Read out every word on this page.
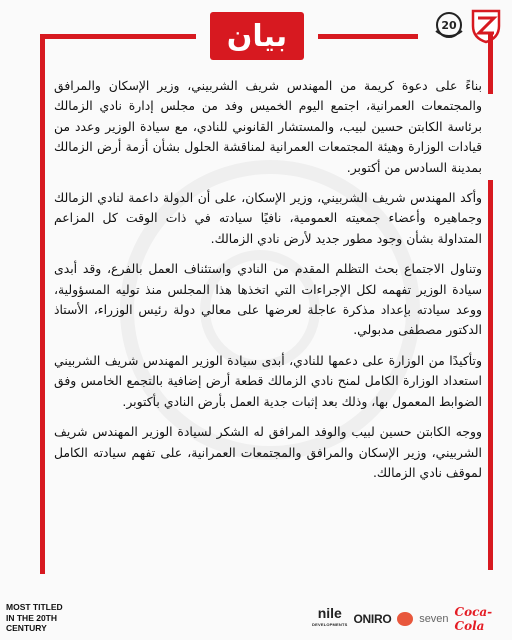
بيان	20

بناءً على دعوة كريمة من المهندس شريف الشربيني، وزير الإسكان والمرافق والمجتمعات العمرانية، اجتمع اليوم الخميس وفد من مجلس إدارة نادي الزمالك برئاسة الكابتن حسين لبيب، والمستشار القانوني للنادي، مع سيادة الوزير وعدد من قيادات الوزارة وهيئة المجتمعات العمرانية لمناقشة الحلول بشأن أزمة أرض الزمالك بمدينة السادس من أكتوبر.

وأكد المهندس شريف الشربيني، وزير الإسكان، على أن الدولة داعمة لنادي الزمالك وجماهيره وأعضاء جمعيته العمومية، نافيًا سيادته في ذات الوقت كل المزاعم المتداولة بشأن وجود مطور جديد لأرض نادي الزمالك.

وتناول الاجتماع بحث التظلم المقدم من النادي واستئناف العمل بالفرع، وقد أبدى سيادة الوزير تفهمه لكل الإجراءات التي اتخذها هذا المجلس منذ توليه المسؤولية، ووعد سيادته بإعداد مذكرة عاجلة لعرضها على معالي دولة رئيس الوزراء، الأستاذ الدكتور مصطفى مدبولي.

وتأكيدًا من الوزارة على دعمها للنادي، أبدى سيادة الوزير المهندس شريف الشربيني استعداد الوزارة الكامل لمنح نادي الزمالك قطعة أرض إضافية بالتجمع الخامس وفق الضوابط المعمول بها، وذلك بعد إثبات جدية العمل بأرض النادي بأكتوبر.

ووجه الكابتن حسين لبيب والوفد المرافق له الشكر لسيادة الوزير المهندس شريف الشربيني، وزير الإسكان والمرافق والمجتمعات العمرانية، على تفهم سيادته الكامل لموقف نادي الزمالك.

MOST TITLED
IN THE 20TH
CENTURY
nile
DEVELOPMENTS ONIRO	seven Coca-Cola
